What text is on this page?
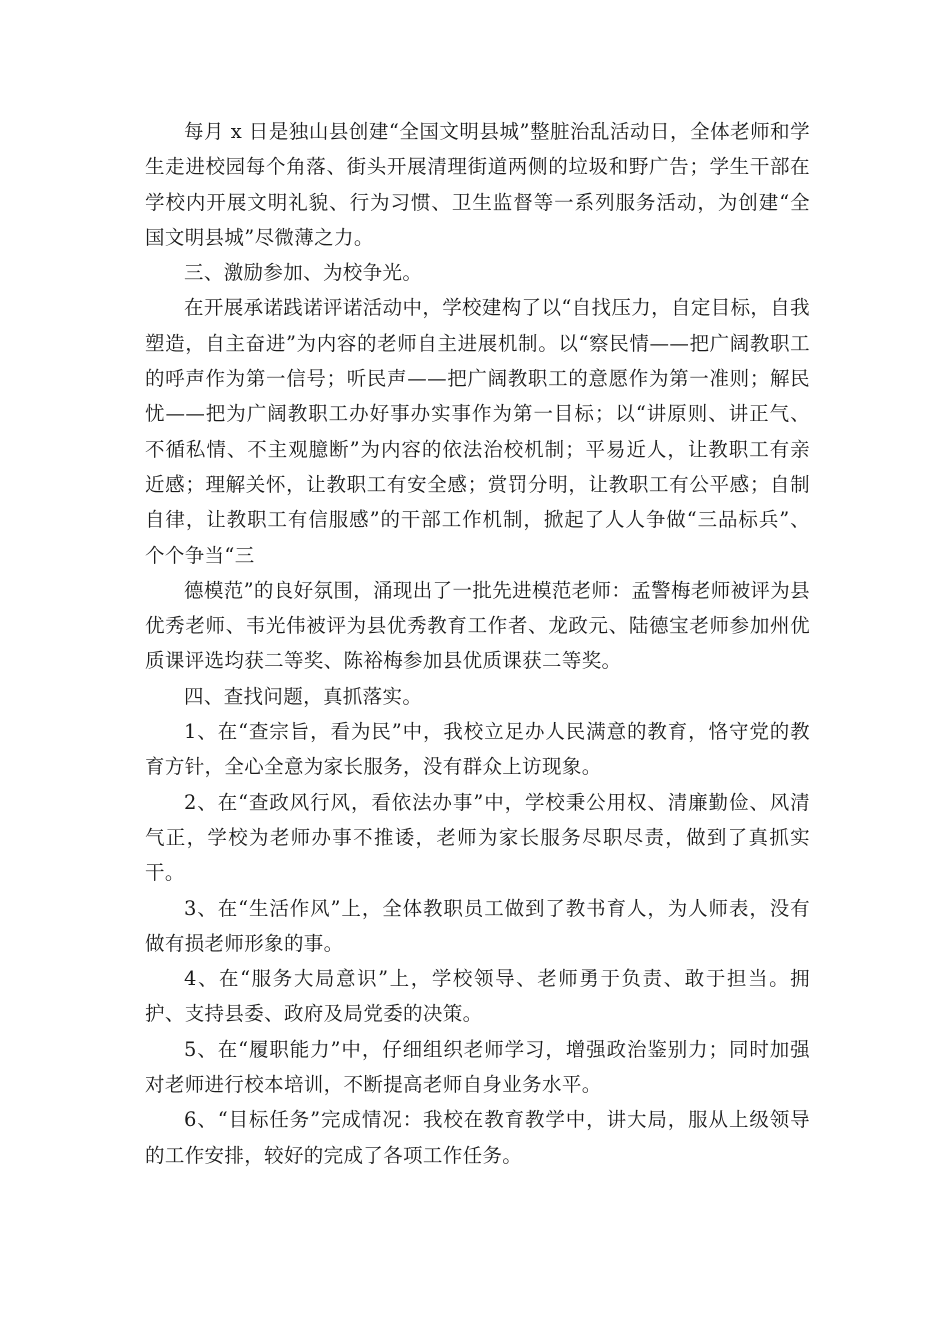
每月 x 日是独山县创建“全国文明县城”整脏治乱活动日，全体老师和学生走进校园每个角落、街头开展清理街道两侧的垃圾和野广告；学生干部在学校内开展文明礼貌、行为习惯、卫生监督等一系列服务活动，为创建“全国文明县城”尽微薄之力。

三、激励参加、为校争光。

在开展承诺践诺评诺活动中，学校建构了以“自找压力，自定目标，自我塑造，自主奋进”为内容的老师自主进展机制。以“察民情——把广阔教职工的呼声作为第一信号；听民声——把广阔教职工的意愿作为第一准则；解民忧——把为广阔教职工办好事办实事作为第一目标；以“讲原则、讲正气、不循私情、不主观臆断”为内容的依法治校机制；平易近人，让教职工有亲近感；理解关怀，让教职工有安全感；赏罚分明，让教职工有公平感；自制自律，让教职工有信服感”的干部工作机制，掀起了人人争做“三品标兵”、个个争当“三

德模范”的良好氛围，涌现出了一批先进模范老师：孟警梅老师被评为县优秀老师、韦光伟被评为县优秀教育工作者、龙政元、陆德宝老师参加州优质课评选均获二等奖、陈裕梅参加县优质课获二等奖。

四、查找问题，真抓落实。

1、在“查宗旨，看为民”中，我校立足办人民满意的教育，恪守党的教育方针，全心全意为家长服务，没有群众上访现象。

2、在“查政风行风，看依法办事”中，学校秉公用权、清廉勤俭、风清气正，学校为老师办事不推诿，老师为家长服务尽职尽责，做到了真抓实干。

3、在“生活作风”上，全体教职员工做到了教书育人，为人师表，没有做有损老师形象的事。

4、在“服务大局意识”上，学校领导、老师勇于负责、敢于担当。拥护、支持县委、政府及局党委的决策。

5、在“履职能力”中，仔细组织老师学习，增强政治鉴别力；同时加强对老师进行校本培训，不断提高老师自身业务水平。

6、“目标任务”完成情况：我校在教育教学中，讲大局，服从上级领导的工作安排，较好的完成了各项工作任务。
